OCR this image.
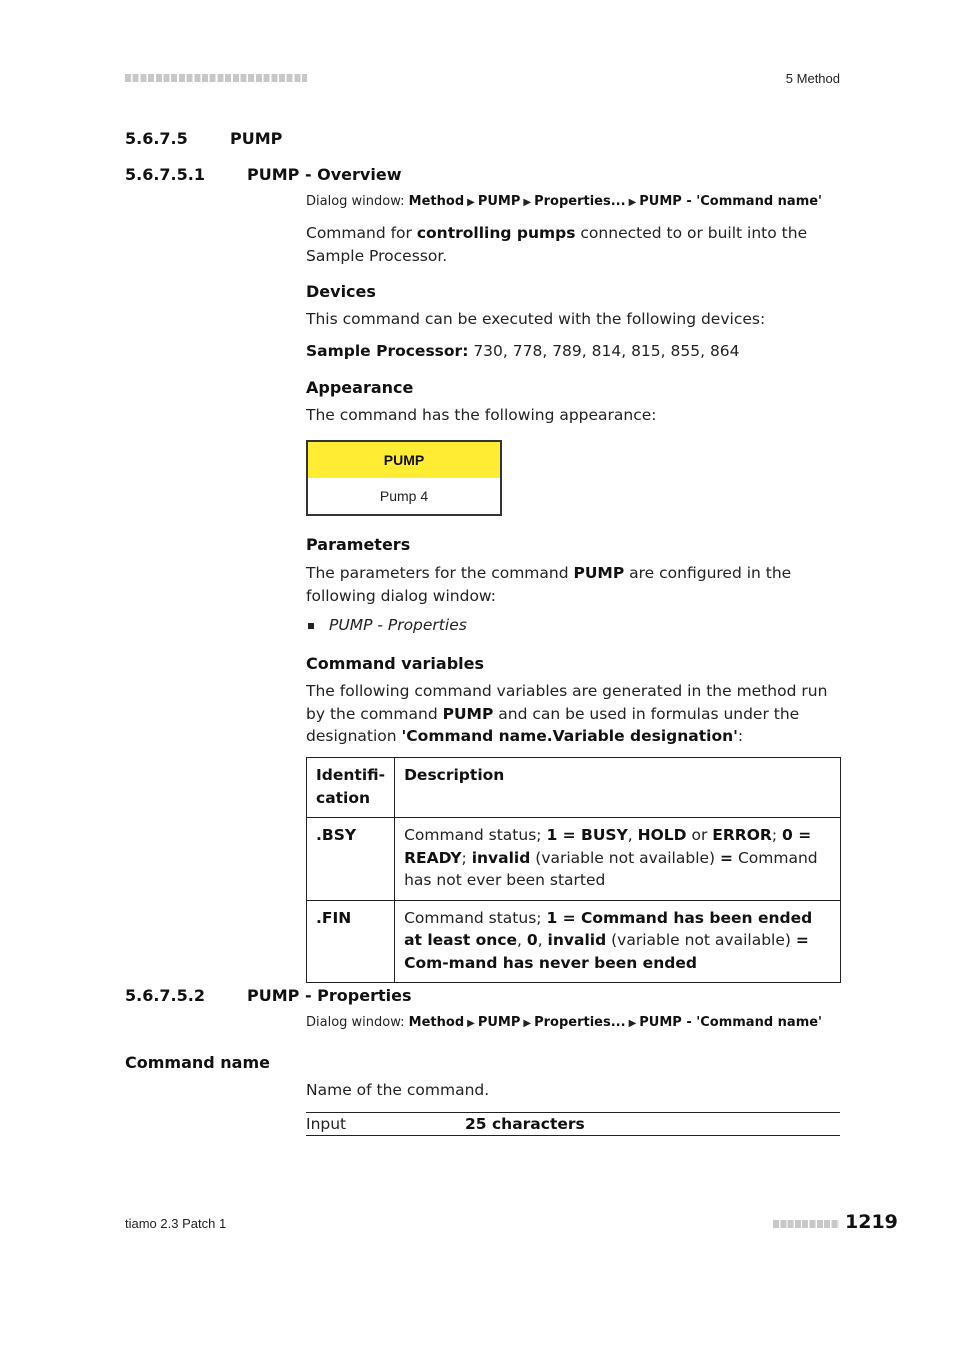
5 Method
5.6.7.5	PUMP
5.6.7.5.1	PUMP - Overview
Dialog window: Method ▶ PUMP ▶ Properties... ▶ PUMP - 'Command name'
Command for controlling pumps connected to or built into the Sample Processor.
Devices
This command can be executed with the following devices:
Sample Processor: 730, 778, 789, 814, 815, 855, 864
Appearance
The command has the following appearance:
PUMP
Pump 4
Parameters
The parameters for the command PUMP are configured in the following dialog window:
PUMP - Properties
Command variables
The following command variables are generated in the method run by the command PUMP and can be used in formulas under the designation 'Command name.Variable designation':
Identifi-
cation	Description
.BSY	Command status; 1 = BUSY, HOLD or ERROR; 0 = READY; invalid (variable not available) = Command has not ever been started
.FIN	Command status; 1 = Command has been ended at least once, 0, invalid (variable not available) = Com-mand has never been ended
5.6.7.5.2	PUMP - Properties
Dialog window: Method ▶ PUMP ▶ Properties... ▶ PUMP - 'Command name'
Command name
Name of the command.
Input	25 characters
tiamo 2.3 Patch 1	1219
